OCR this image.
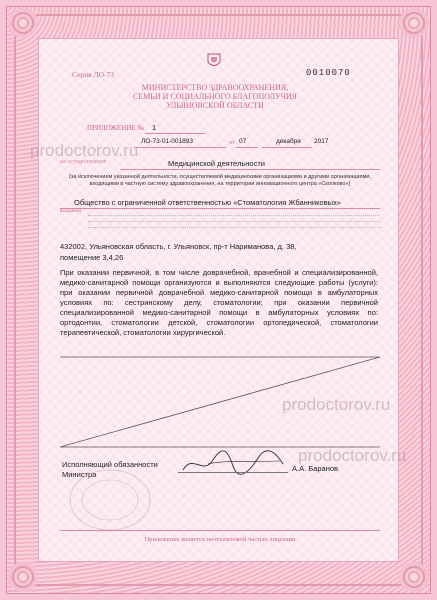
Серия ЛО-73	0010070
МИНИСТЕРСТВО ЗДРАВООХРАНЕНИЯ,
СЕМЬИ И СОЦИАЛЬНОГО БЛАГОПОЛУЧИЯ
УЛЬЯНОВСКОЙ ОБЛАСТИ
ПРИЛОЖЕНИЕ № 1
ЛО-73-01-001893	от 07	декабря 2017
на осуществление	Медицинской деятельности
(за исключением указанной деятельности, осуществляемой медицинскими организациями и другими организациями, входящими в частную систему здравоохранения, на территории инновационного центра «Сколково»)
Общество с ограниченной ответственностью «Стоматология Жбанниковых»
выданной
432002, Ульяновская область, г. Ульяновск, пр-т Нариманова, д. 38,
помещение 3,4,26
При оказании первичной, в том числе доврачебной, врачебной и специализированной, медико-санитарной помощи организуются и выполняются следующие работы (услуги): при оказании первичной доврачебной медико-санитарной помощи в амбулаторных условиях по: сестринскому делу, стоматологии; при оказании первичной специализированной медико-санитарной помощи в амбулаторных условиях по: ортодонтии, стоматологии детской, стоматологии ортопедической, стоматологии терапевтической, стоматологии хирургической.
Исполняющий обязанности
Министра
А.А. Баранов
Приложение является неотъемлемой частью лицензии
prodoctorov.ru
prodoctorov.ru
prodoctorov.ru
